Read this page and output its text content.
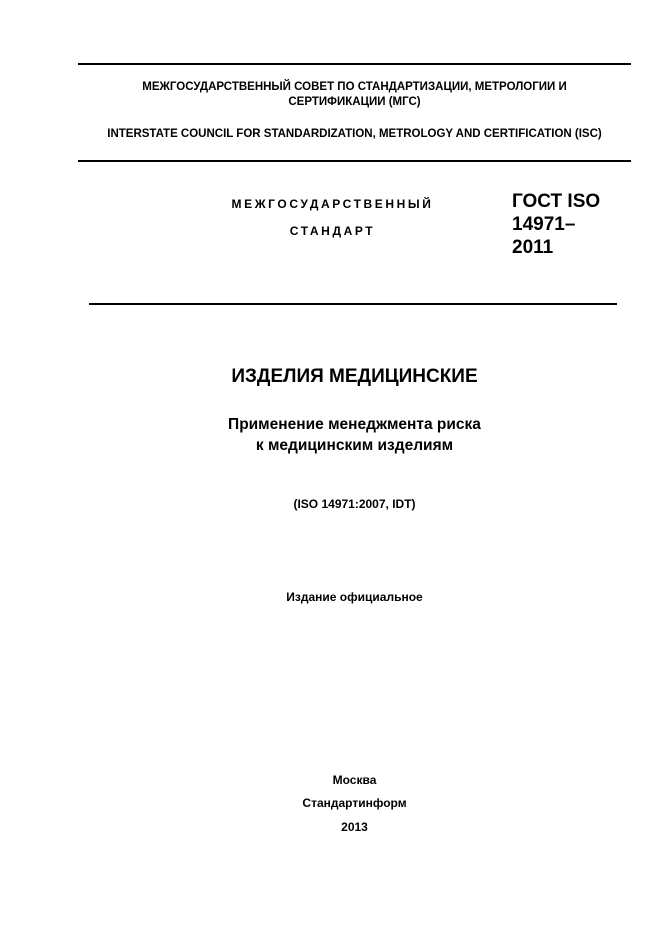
МЕЖГОСУДАРСТВЕННЫЙ СОВЕТ ПО СТАНДАРТИЗАЦИИ, МЕТРОЛОГИИ И СЕРТИФИКАЦИИ (МГС)
INTERSTATE COUNCIL FOR STANDARDIZATION, METROLOGY AND CERTIFICATION (ISC)
МЕЖГОСУДАРСТВЕННЫЙ
СТАНДАРТ
ГОСТ ISO
14971–
2011
ИЗДЕЛИЯ МЕДИЦИНСКИЕ
Применение менеджмента риска
к медицинским изделиям
(ISO 14971:2007, IDT)
Издание официальное
Москва
Стандартинформ
2013
